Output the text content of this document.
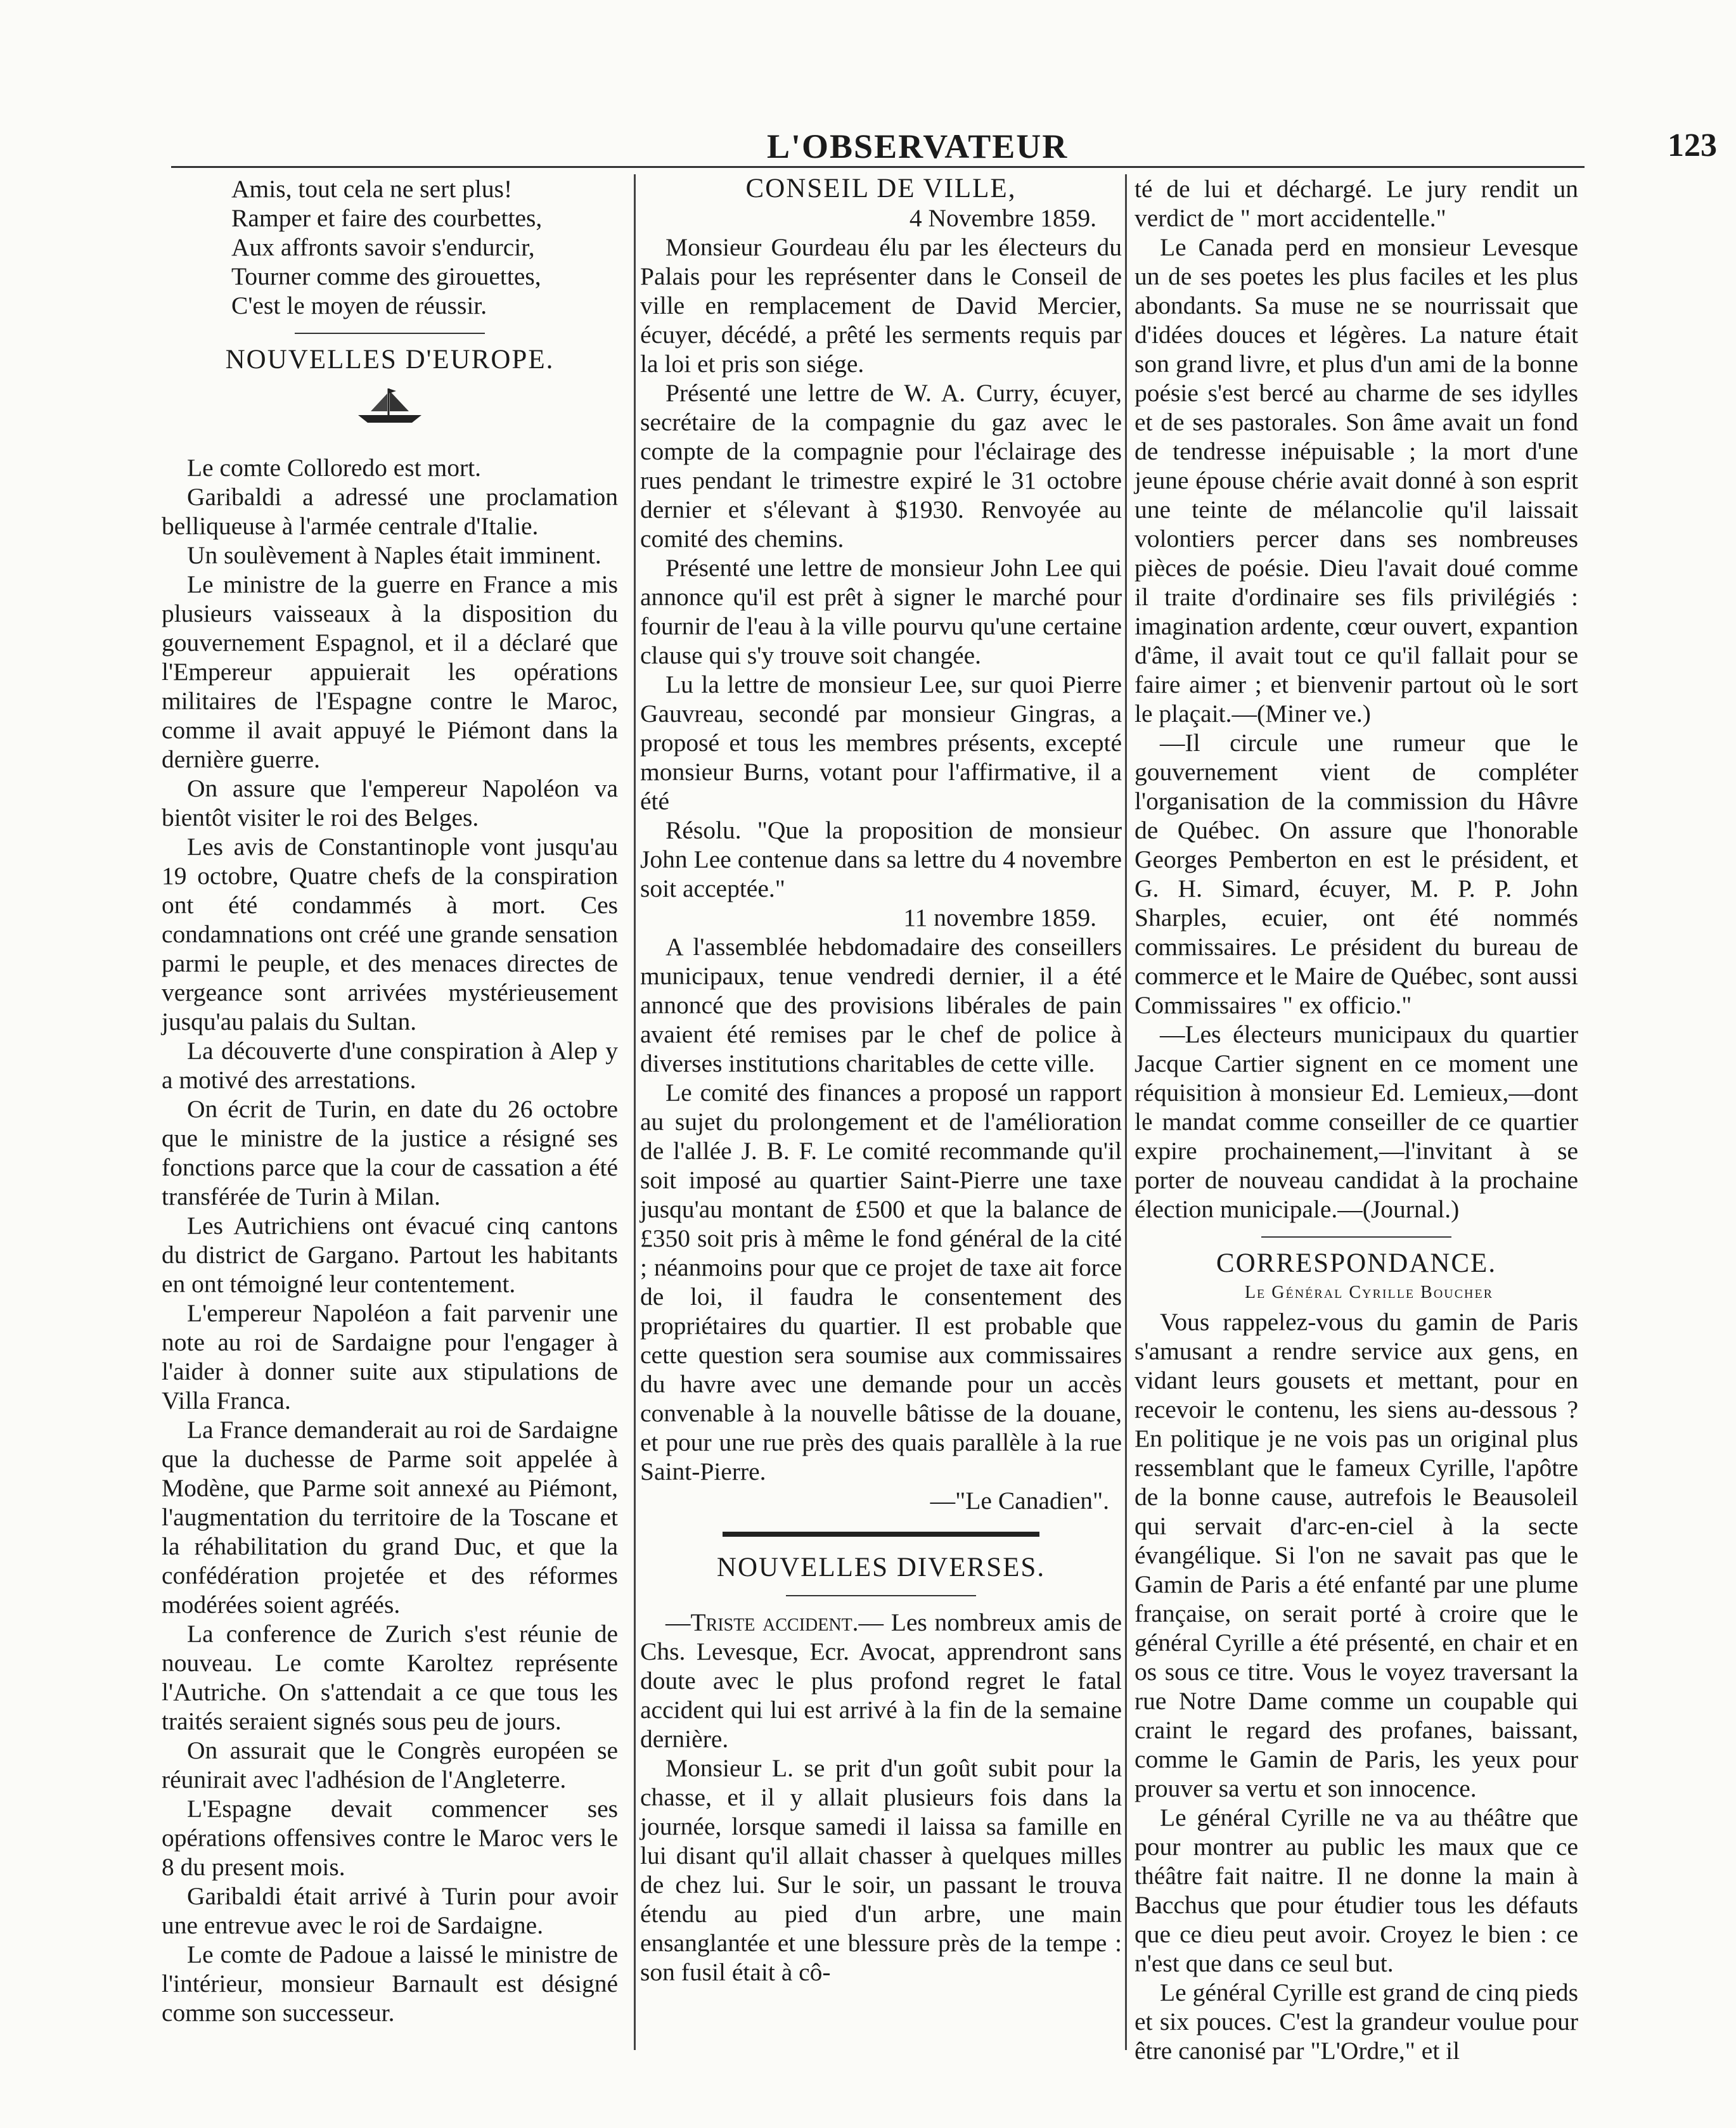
L'OBSERVATEUR	123

Amis, tout cela ne sert plus!

Ramper et faire des courbettes,

Aux affronts savoir s'endurcir,

Tourner comme des girouettes,

C'est le moyen de réussir.

NOUVELLES D'EUROPE.

Le comte Colloredo est mort.

Garibaldi a adressé une proclamation belliqueuse à l'armée centrale d'Italie.

Un soulèvement à Naples était imminent.

Le ministre de la guerre en France a mis plusieurs vaisseaux à la disposition du gouvernement Espagnol, et il a déclaré que l'Empereur appuierait les opérations militaires de l'Espagne contre le Maroc, comme il avait appuyé le Piémont dans la dernière guerre.

On assure que l'empereur Napoléon va bientôt visiter le roi des Belges.

Les avis de Constantinople vont jusqu'au 19 octobre, Quatre chefs de la conspiration ont été condammés à mort. Ces condamnations ont créé une grande sensation parmi le peuple, et des menaces directes de vergeance sont arrivées mystérieusement jusqu'au palais du Sultan.

La découverte d'une conspiration à Alep y a motivé des arrestations.

On écrit de Turin, en date du 26 octobre que le ministre de la justice a résigné ses fonctions parce que la cour de cassation a été transférée de Turin à Milan.

Les Autrichiens ont évacué cinq cantons du district de Gargano. Partout les habitants en ont témoigné leur contentement.

L'empereur Napoléon a fait parvenir une note au roi de Sardaigne pour l'engager à l'aider à donner suite aux stipulations de Villa Franca.

La France demanderait au roi de Sardaigne que la duchesse de Parme soit appelée à Modène, que Parme soit annexé au Piémont, l'augmentation du territoire de la Toscane et la réhabilitation du grand Duc, et que la confédération projetée et des réformes modérées soient agréés.

La conference de Zurich s'est réunie de nouveau. Le comte Karoltez représente l'Autriche. On s'attendait a ce que tous les traités seraient signés sous peu de jours.

On assurait que le Congrès européen se réunirait avec l'adhésion de l'Angleterre.

L'Espagne devait commencer ses opérations offensives contre le Maroc vers le 8 du present mois.

Garibaldi était arrivé à Turin pour avoir une entrevue avec le roi de Sardaigne.

Le comte de Padoue a laissé le ministre de l'intérieur, monsieur Barnault est désigné comme son successeur.

CONSEIL DE VILLE,

4 Novembre 1859.

Monsieur Gourdeau élu par les électeurs du Palais pour les représenter dans le Conseil de ville en remplacement de David Mercier, écuyer, décédé, a prêté les serments requis par la loi et pris son siége.

Présenté une lettre de W. A. Curry, écuyer, secrétaire de la compagnie du gaz avec le compte de la compagnie pour l'éclairage des rues pendant le trimestre expiré le 31 octobre dernier et s'élevant à $1930. Renvoyée au comité des chemins.

Présenté une lettre de monsieur John Lee qui annonce qu'il est prêt à signer le marché pour fournir de l'eau à la ville pourvu qu'une certaine clause qui s'y trouve soit changée.

Lu la lettre de monsieur Lee, sur quoi Pierre Gauvreau, secondé par monsieur Gingras, a proposé et tous les membres présents, excepté monsieur Burns, votant pour l'affirmative, il a été

Résolu. "Que la proposition de monsieur John Lee contenue dans sa lettre du 4 novembre soit acceptée."

11 novembre 1859.

A l'assemblée hebdomadaire des conseillers municipaux, tenue vendredi dernier, il a été annoncé que des provisions libérales de pain avaient été remises par le chef de police à diverses institutions charitables de cette ville.

Le comité des finances a proposé un rapport au sujet du prolongement et de l'amélioration de l'allée J. B. F. Le comité recommande qu'il soit imposé au quartier Saint-Pierre une taxe jusqu'au montant de £500 et que la balance de £350 soit pris à même le fond général de la cité ; néanmoins pour que ce projet de taxe ait force de loi, il faudra le consentement des propriétaires du quartier. Il est probable que cette question sera soumise aux commissaires du havre avec une demande pour un accès convenable à la nouvelle bâtisse de la douane, et pour une rue près des quais parallèle à la rue Saint-Pierre.

—"Le Canadien".

NOUVELLES DIVERSES.

—Triste accident.— Les nombreux amis de Chs. Levesque, Ecr. Avocat, apprendront sans doute avec le plus profond regret le fatal accident qui lui est arrivé à la fin de la semaine dernière.

Monsieur L. se prit d'un goût subit pour la chasse, et il y allait plusieurs fois dans la journée, lorsque samedi il laissa sa famille en lui disant qu'il allait chasser à quelques milles de chez lui. Sur le soir, un passant le trouva étendu au pied d'un arbre, une main ensanglantée et une blessure près de la tempe : son fusil était à cô-

té de lui et déchargé. Le jury rendit un verdict de " mort accidentelle."

Le Canada perd en monsieur Levesque un de ses poetes les plus faciles et les plus abondants. Sa muse ne se nourrissait que d'idées douces et légères. La nature était son grand livre, et plus d'un ami de la bonne poésie s'est bercé au charme de ses idylles et de ses pastorales. Son âme avait un fond de tendresse inépuisable ; la mort d'une jeune épouse chérie avait donné à son esprit une teinte de mélancolie qu'il laissait volontiers percer dans ses nombreuses pièces de poésie. Dieu l'avait doué comme il traite d'ordinaire ses fils privilégiés : imagination ardente, cœur ouvert, expantion d'âme, il avait tout ce qu'il fallait pour se faire aimer ; et bienvenir partout où le sort le plaçait.—(Miner ve.)

—Il circule une rumeur que le gouvernement vient de compléter l'organisation de la commission du Hâvre de Québec. On assure que l'honorable Georges Pemberton en est le président, et G. H. Simard, écuyer, M. P. P. John Sharples, ecuier, ont été nommés commissaires. Le président du bureau de commerce et le Maire de Québec, sont aussi Commissaires " ex officio."

—Les électeurs municipaux du quartier Jacque Cartier signent en ce moment une réquisition à monsieur Ed. Lemieux,—dont le mandat comme conseiller de ce quartier expire prochainement,—l'invitant à se porter de nouveau candidat à la prochaine élection municipale.—(Journal.)

CORRESPONDANCE.

Le Général Cyrille Boucher

Vous rappelez-vous du gamin de Paris s'amusant a rendre service aux gens, en vidant leurs gousets et mettant, pour en recevoir le contenu, les siens au-dessous ? En politique je ne vois pas un original plus ressemblant que le fameux Cyrille, l'apôtre de la bonne cause, autrefois le Beausoleil qui servait d'arc-en-ciel à la secte évangélique. Si l'on ne savait pas que le Gamin de Paris a été enfanté par une plume française, on serait porté à croire que le général Cyrille a été présenté, en chair et en os sous ce titre. Vous le voyez traversant la rue Notre Dame comme un coupable qui craint le regard des profanes, baissant, comme le Gamin de Paris, les yeux pour prouver sa vertu et son innocence.

Le général Cyrille ne va au théâtre que pour montrer au public les maux que ce théâtre fait naitre. Il ne donne la main à Bacchus que pour étudier tous les défauts que ce dieu peut avoir. Croyez le bien : ce n'est que dans ce seul but.

Le général Cyrille est grand de cinq pieds et six pouces. C'est la grandeur voulue pour être canonisé par "L'Ordre," et il
